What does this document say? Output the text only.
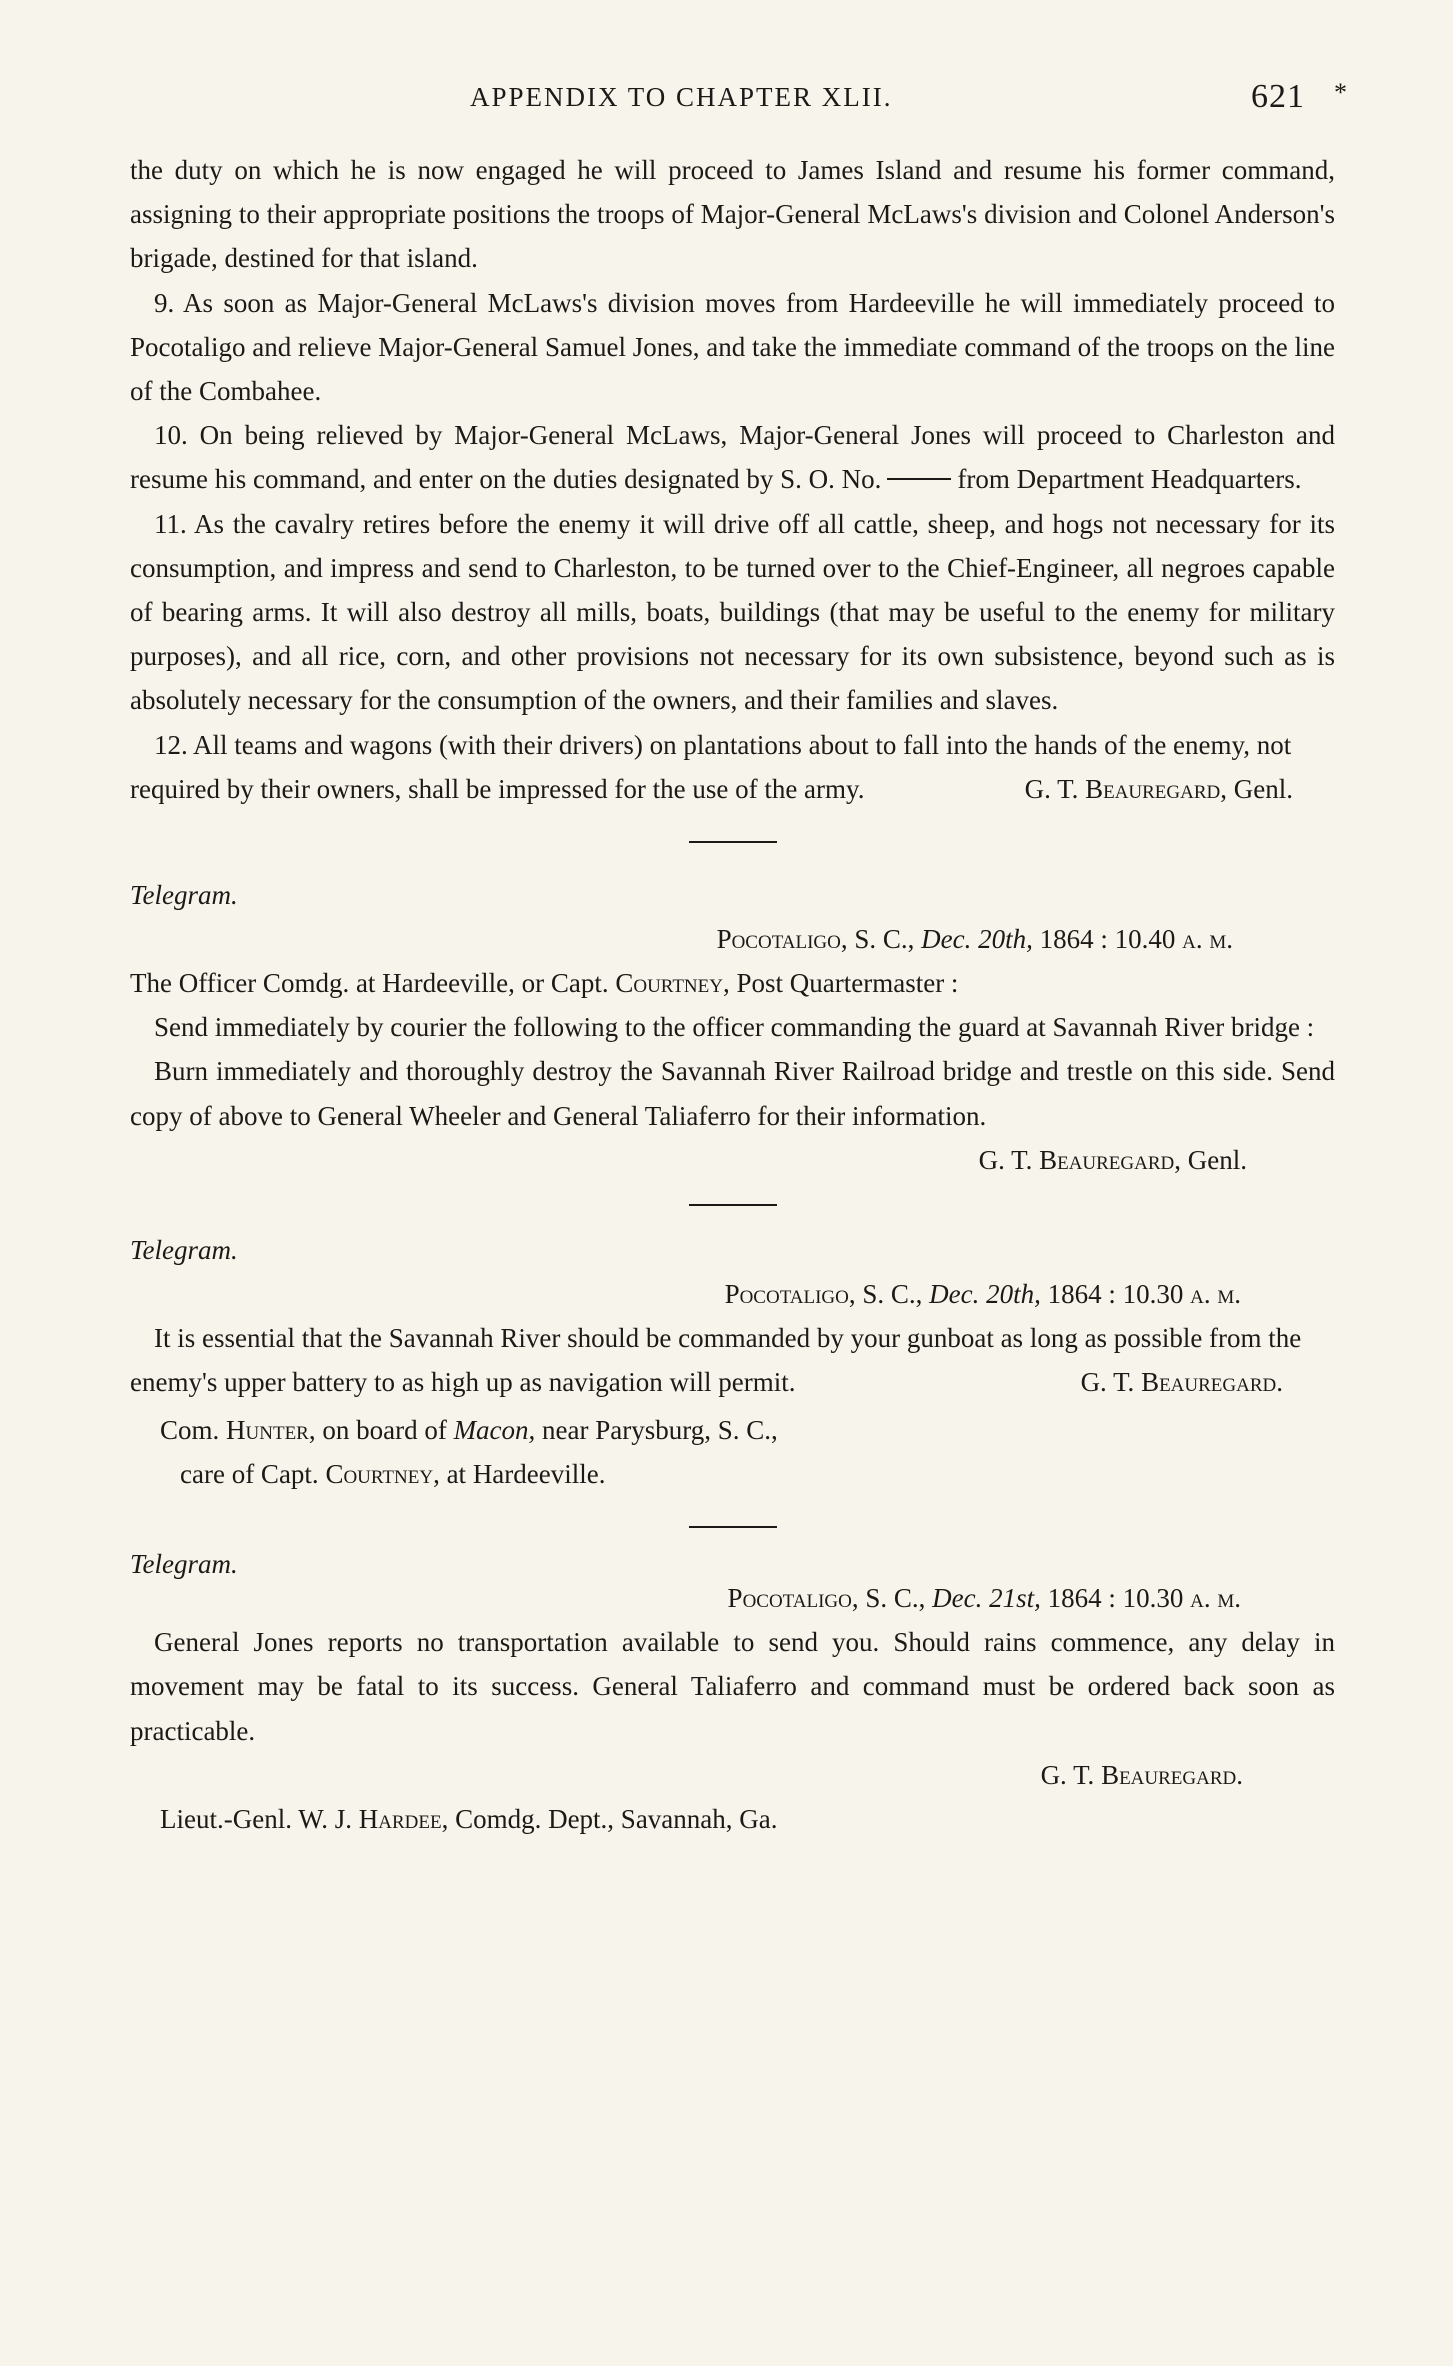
APPENDIX TO CHAPTER XLII.	621 *

the duty on which he is now engaged he will proceed to James Island and resume his former command, assigning to their appropriate positions the troops of Major-General McLaws's division and Colonel Anderson's brigade, destined for that island.

9. As soon as Major-General McLaws's division moves from Hardeeville he will immediately proceed to Pocotaligo and relieve Major-General Samuel Jones, and take the immediate command of the troops on the line of the Combahee.

10. On being relieved by Major-General McLaws, Major-General Jones will proceed to Charleston and resume his command, and enter on the duties designated by S. O. No.	from Department Headquarters.

11. As the cavalry retires before the enemy it will drive off all cattle, sheep, and hogs not necessary for its consumption, and impress and send to Charleston, to be turned over to the Chief-Engineer, all negroes capable of bearing arms. It will also destroy all mills, boats, buildings (that may be useful to the enemy for military purposes), and all rice, corn, and other provisions not necessary for its own subsistence, beyond such as is absolutely necessary for the consumption of the owners, and their families and slaves.

12. All teams and wagons (with their drivers) on plantations about to fall into the hands of the enemy, not required by their owners, shall be impressed for the use of the army.	G. T. Beauregard, Genl.

Telegram.
Pocotaligo, S. C., Dec. 20th, 1864 : 10.40 a. m.

The Officer Comdg. at Hardeeville, or Capt. Courtney, Post Quartermaster :

Send immediately by courier the following to the officer commanding the guard at Savannah River bridge :

Burn immediately and thoroughly destroy the Savannah River Railroad bridge and trestle on this side. Send copy of above to General Wheeler and General Taliaferro for their information.

G. T. Beauregard, Genl.
Telegram.
Pocotaligo, S. C., Dec. 20th, 1864 : 10.30 a. m.

It is essential that the Savannah River should be commanded by your gunboat as long as possible from the enemy's upper battery to as high up as navigation will permit.	G. T. Beauregard.

Com. Hunter, on board of Macon, near Parysburg, S. C.,
care of Capt. Courtney, at Hardeeville.
Telegram.
Pocotaligo, S. C., Dec. 21st, 1864 : 10.30 a. m.

General Jones reports no transportation available to send you. Should rains commence, any delay in movement may be fatal to its success. General Taliaferro and command must be ordered back soon as practicable.

G. T. Beauregard.
Lieut.-Genl. W. J. Hardee, Comdg. Dept., Savannah, Ga.
